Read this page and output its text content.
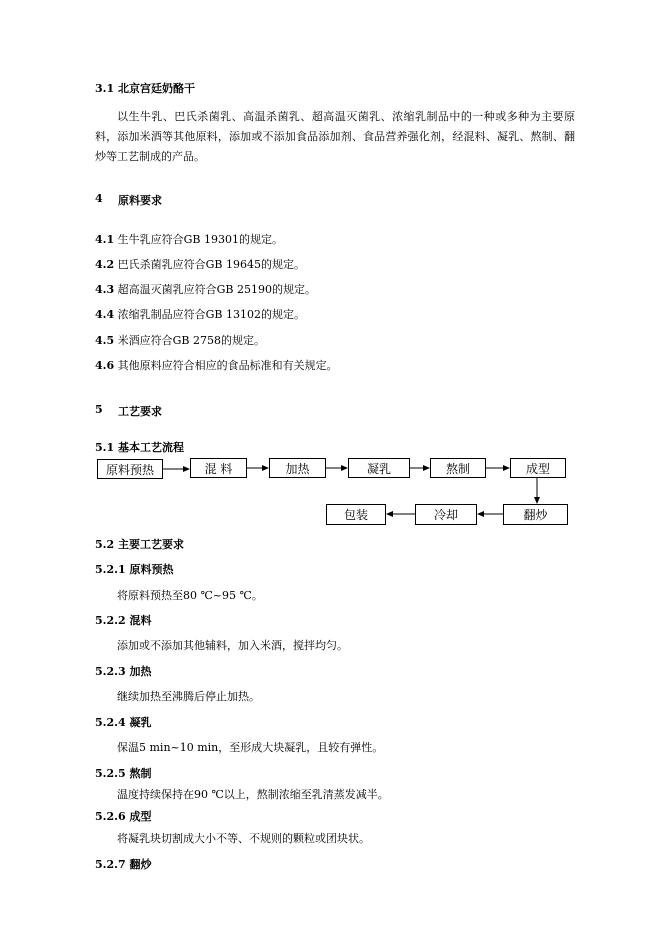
3.1 北京宫廷奶酪干
以生牛乳、巴氏杀菌乳、高温杀菌乳、超高温灭菌乳、浓缩乳制品中的一种或多种为主要原料，添加米酒等其他原料，添加或不添加食品添加剂、食品营养强化剂，经混料、凝乳、熬制、翻炒等工艺制成的产品。
4 原料要求
4.1 生牛乳应符合GB 19301的规定。
4.2 巴氏杀菌乳应符合GB 19645的规定。
4.3 超高温灭菌乳应符合GB 25190的规定。
4.4 浓缩乳制品应符合GB 13102的规定。
4.5 米酒应符合GB 2758的规定。
4.6 其他原料应符合相应的食品标准和有关规定。
5 工艺要求
5.1 基本工艺流程
原料预热	混 料	加热	凝乳	熬制	成型
包装	冷却	翻炒
5.2 主要工艺要求
5.2.1 原料预热
将原料预热至80 ℃~95 ℃。
5.2.2 混料
添加或不添加其他辅料，加入米酒，搅拌均匀。
5.2.3 加热
继续加热至沸腾后停止加热。
5.2.4 凝乳
保温5 min~10 min，至形成大块凝乳，且较有弹性。
5.2.5 熬制
温度持续保持在90 ℃以上，熬制浓缩至乳清蒸发减半。
5.2.6 成型
将凝乳块切割成大小不等、不规则的颗粒或团块状。
5.2.7 翻炒
